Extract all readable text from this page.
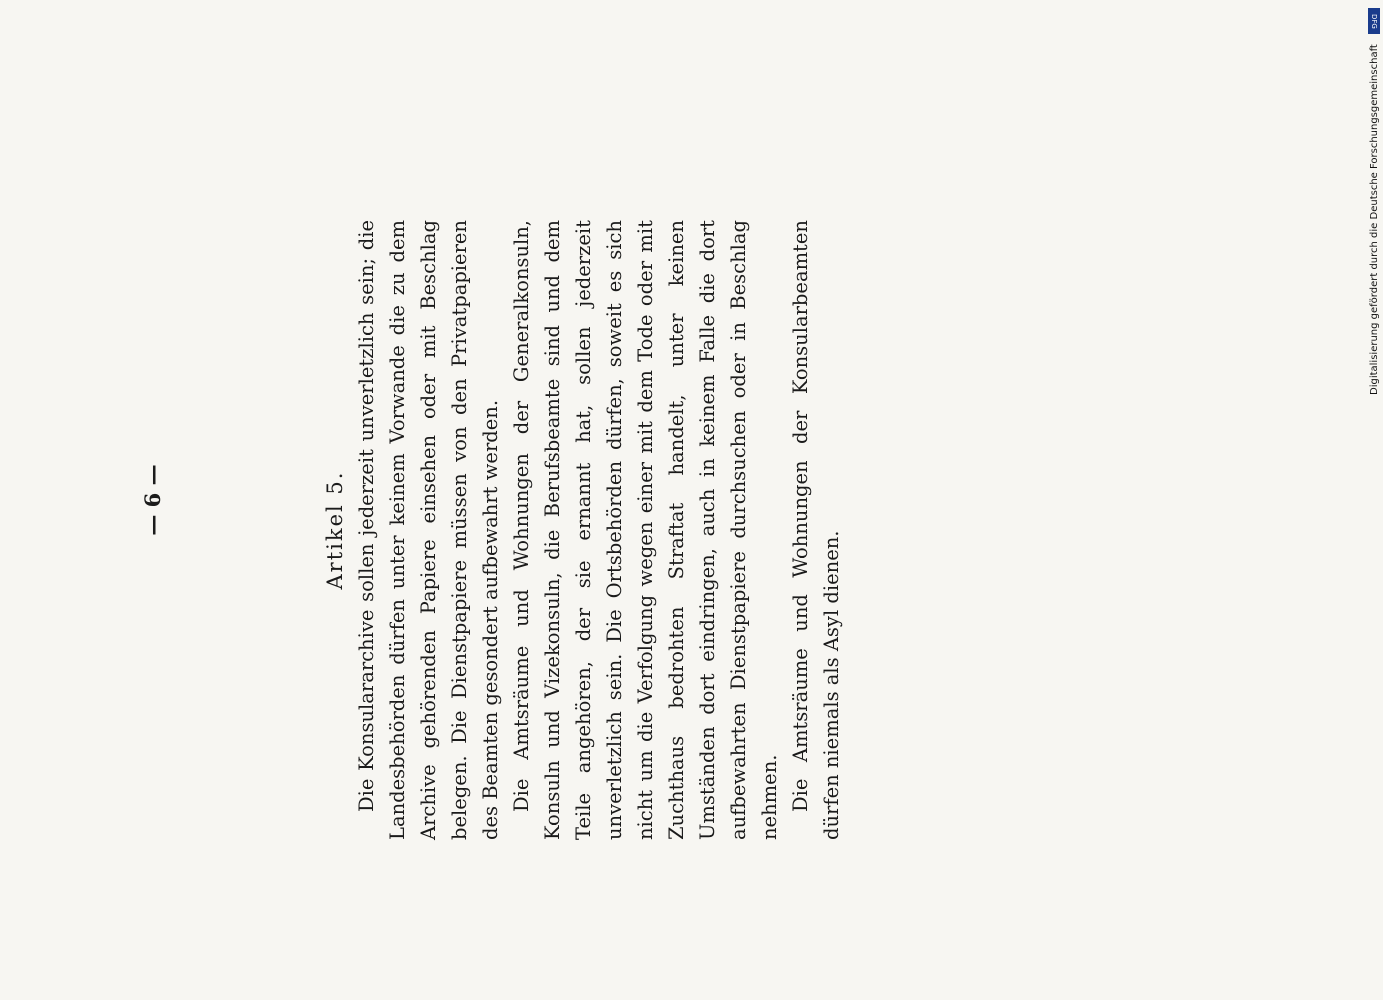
— 6 —	Artikel 5. Die Konsulararchive sollen jederzeit unverletzlich sein; die Landesbehörden dürfen unter keinem Vorwande die zu dem Archive gehörenden Papiere einsehen oder mit Beschlag belegen. Die Dienstpapiere müssen von den Privatpapieren des Beamten gesondert aufbewahrt werden. Die Amtsräume und Wohnungen der Generalkonsuln, Konsuln und Vizekonsuln, die Berufsbeamte sind und dem Teile angehören, der sie ernannt hat, sollen jederzeit unverletzlich sein. Die Ortsbehörden dürfen, soweit es sich nicht um die Verfolgung wegen einer mit dem Tode oder mit Zuchthaus bedrohten Straftat handelt, unter keinen Umständen dort eindringen, auch in keinem Falle die dort aufbewahrten Dienstpapiere durchsuchen oder in Beschlag nehmen. Die Amtsräume und Wohnungen der Konsularbeamten dürfen niemals als Asyl dienen.

DFG
Digitalisierung gefördert durch die Deutsche Forschungsgemeinschaft
